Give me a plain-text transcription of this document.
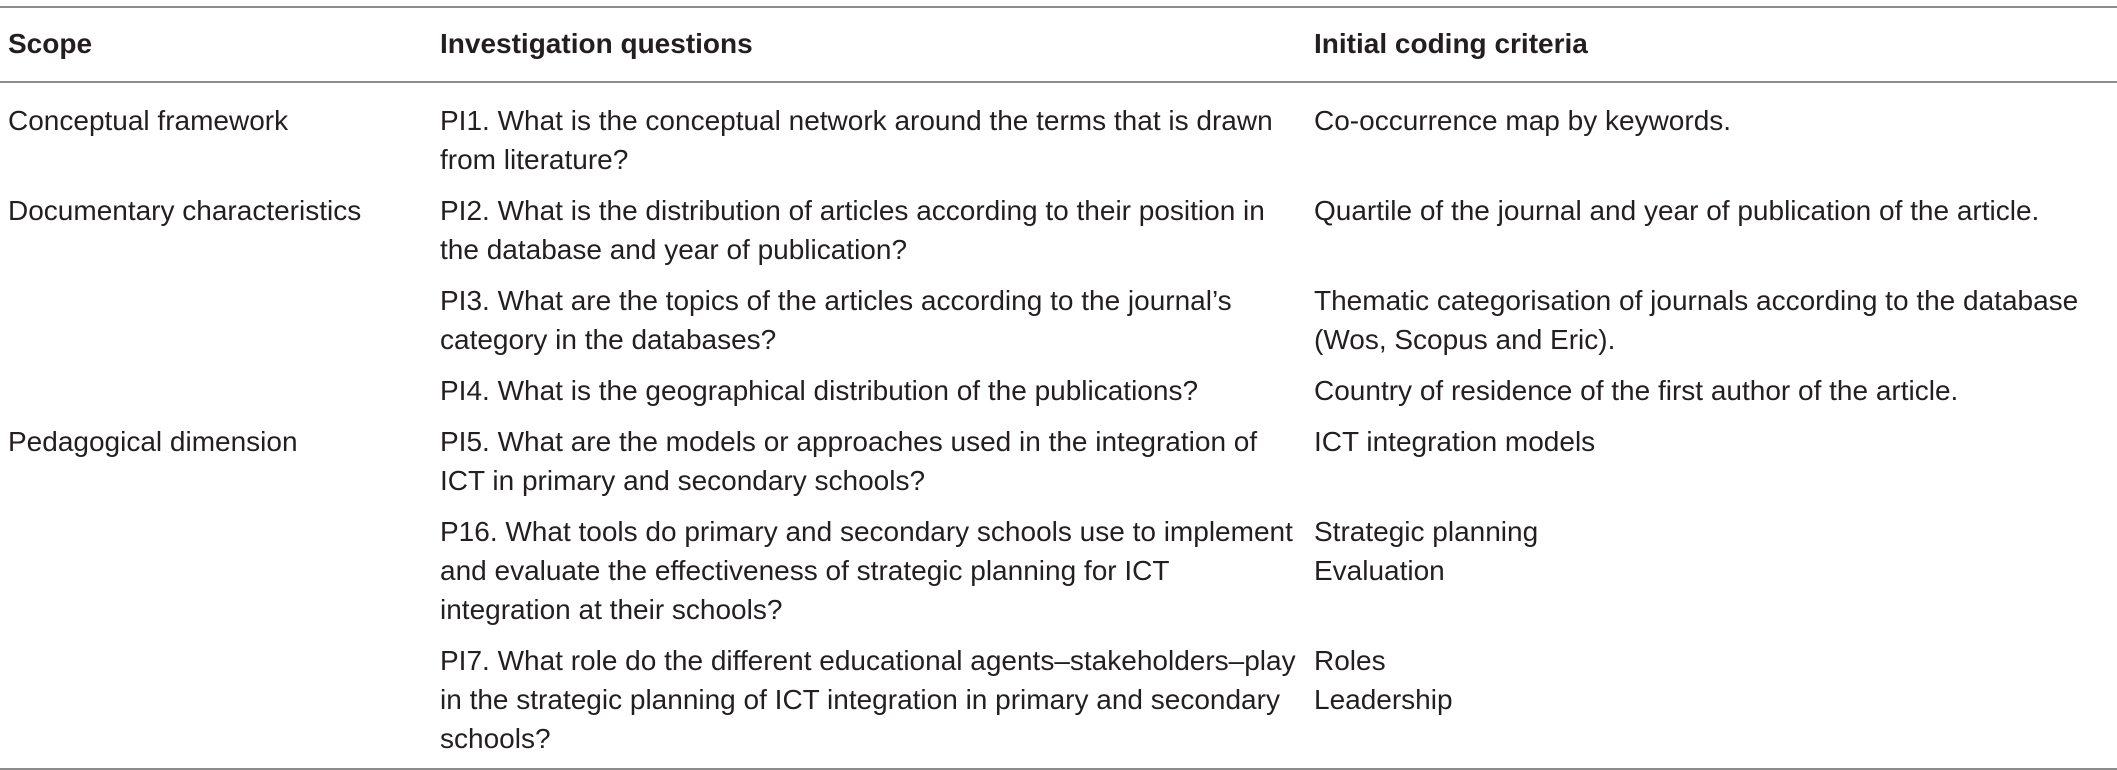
Scope	Investigation questions	Initial coding criteria
Conceptual framework	PI1. What is the conceptual network around the terms that is drawn from literature?	Co-occurrence map by keywords.

Documentary characteristics	PI2. What is the distribution of articles according to their position in the database and year of publication?	Quartile of the journal and year of publication of the article.

	PI3. What are the topics of the articles according to the journal’s category in the databases?	Thematic categorisation of journals according to the database (Wos, Scopus and Eric).

	PI4. What is the geographical distribution of the publications?	Country of residence of the first author of the article.

Pedagogical dimension	PI5. What are the models or approaches used in the integration of ICT in primary and secondary schools?	ICT integration models

	P16. What tools do primary and secondary schools use to implement and evaluate the effectiveness of strategic planning for ICT integration at their schools?	Strategic planning
Evaluation

	PI7. What role do the different educational agents–stakeholders–play in the strategic planning of ICT integration in primary and secondary schools?	Roles
Leadership
